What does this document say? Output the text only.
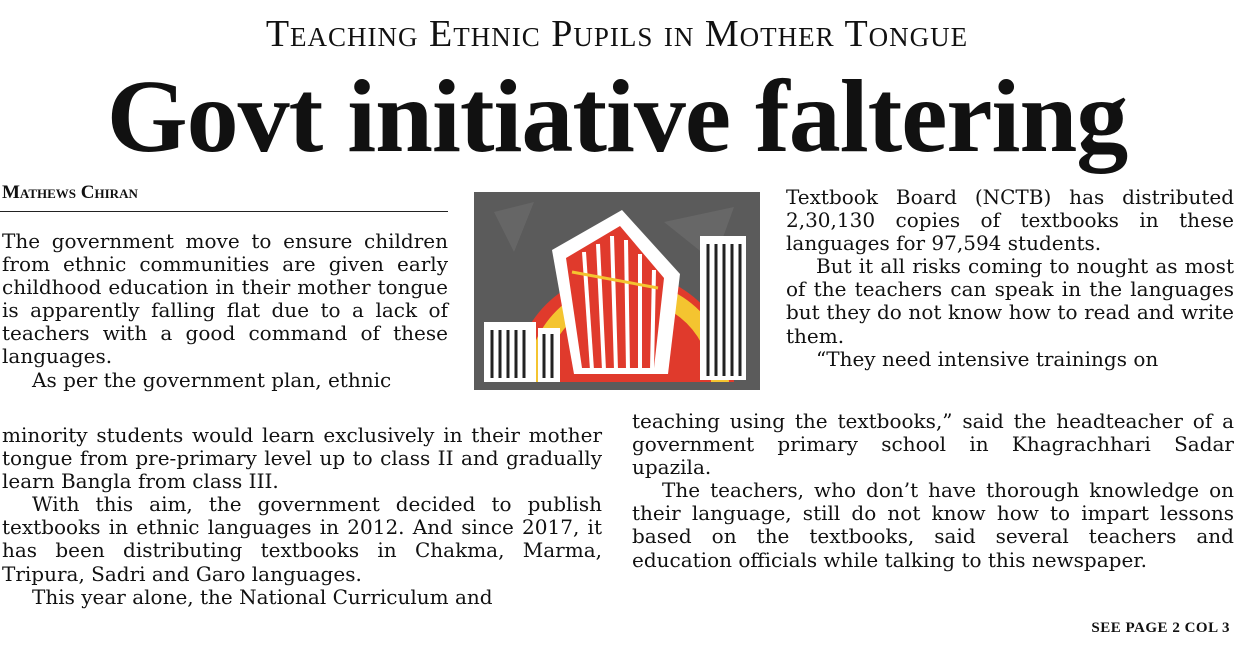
Teaching Ethnic Pupils in Mother Tongue
Govt initiative faltering
Mathews Chiran

The government move to ensure children from ethnic communities are given early childhood education in their mother tongue is apparently falling flat due to a lack of teachers with a good command of these languages.

As per the government plan, ethnic

minority students would learn exclusively in their mother tongue from pre-primary level up to class II and gradually learn Bangla from class III.

With this aim, the government decided to publish textbooks in ethnic languages in 2012. And since 2017, it has been distributing textbooks in Chakma, Marma, Tripura, Sadri and Garo languages.

This year alone, the National Curriculum and

Textbook Board (NCTB) has distributed 2,30,130 copies of textbooks in these languages for 97,594 students.

But it all risks coming to nought as most of the teachers can speak in the languages but they do not know how to read and write them.

“They need intensive trainings on

teaching using the textbooks,” said the headteacher of a government primary school in Khagrachhari Sadar upazila.

The teachers, who don’t have thorough knowledge on their language, still do not know how to impart lessons based on the textbooks, said several teachers and education officials while talking to this newspaper.

SEE PAGE 2 COL 3
